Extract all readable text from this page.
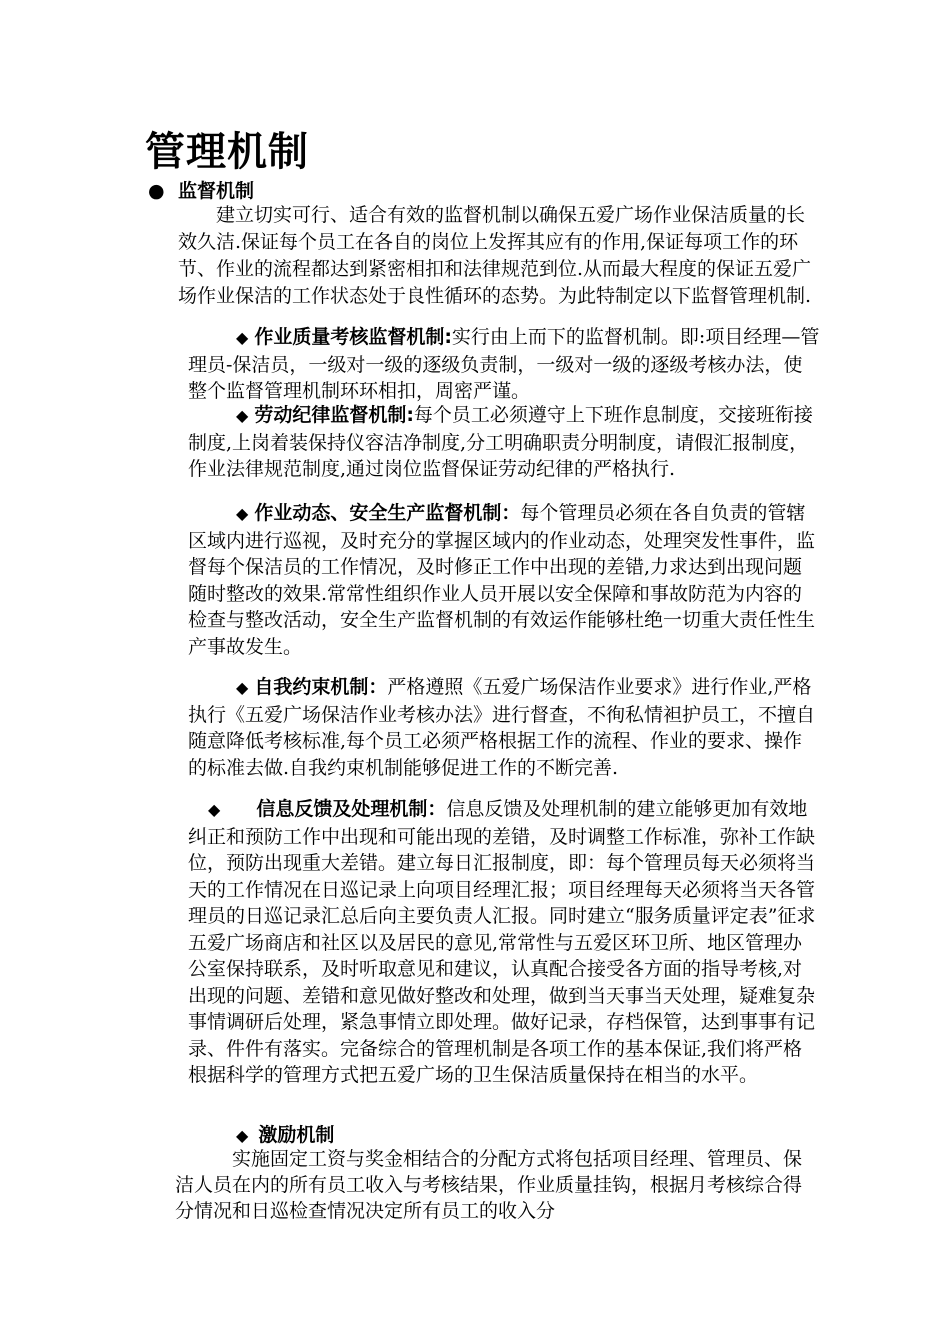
管理机制
● 监督机制
建立切实可行、适合有效的监督机制以确保五爱广场作业保洁质量的长效久洁.保证每个员工在各自的岗位上发挥其应有的作用,保证每项工作的环节、作业的流程都达到紧密相扣和法律规范到位.从而最大程度的保证五爱广场作业保洁的工作状态处于良性循环的态势。为此特制定以下监督管理机制.
◆ 作业质量考核监督机制:实行由上而下的监督机制。即:项目经理—管理员-保洁员，一级对一级的逐级负责制，一级对一级的逐级考核办法，使整个监督管理机制环环相扣，周密严谨。
◆ 劳动纪律监督机制:每个员工必须遵守上下班作息制度，交接班衔接制度,上岗着装保持仪容洁净制度,分工明确职责分明制度，请假汇报制度，作业法律规范制度,通过岗位监督保证劳动纪律的严格执行.
◆ 作业动态、安全生产监督机制：每个管理员必须在各自负责的管辖区域内进行巡视，及时充分的掌握区域内的作业动态，处理突发性事件，监督每个保洁员的工作情况，及时修正工作中出现的差错,力求达到出现问题随时整改的效果.常常性组织作业人员开展以安全保障和事故防范为内容的检查与整改活动，安全生产监督机制的有效运作能够杜绝一切重大责任性生产事故发生。
◆ 自我约束机制：严格遵照《五爱广场保洁作业要求》进行作业,严格执行《五爱广场保洁作业考核办法》进行督查，不徇私情袒护员工，不擅自随意降低考核标准,每个员工必须严格根据工作的流程、作业的要求、操作的标准去做.自我约束机制能够促进工作的不断完善.
◆ 信息反馈及处理机制：信息反馈及处理机制的建立能够更加有效地纠正和预防工作中出现和可能出现的差错，及时调整工作标准，弥补工作缺位，预防出现重大差错。建立每日汇报制度，即：每个管理员每天必须将当天的工作情况在日巡记录上向项目经理汇报；项目经理每天必须将当天各管理员的日巡记录汇总后向主要负责人汇报。同时建立“服务质量评定表”征求五爱广场商店和社区以及居民的意见,常常性与五爱区环卫所、地区管理办公室保持联系，及时听取意见和建议，认真配合接受各方面的指导考核,对出现的问题、差错和意见做好整改和处理，做到当天事当天处理，疑难复杂事情调研后处理，紧急事情立即处理。做好记录，存档保管，达到事事有记录、件件有落实。完备综合的管理机制是各项工作的基本保证,我们将严格根据科学的管理方式把五爱广场的卫生保洁质量保持在相当的水平。
◆ 激励机制
实施固定工资与奖金相结合的分配方式将包括项目经理、管理员、保洁人员在内的所有员工收入与考核结果，作业质量挂钩，根据月考核综合得分情况和日巡检查情况决定所有员工的收入分
